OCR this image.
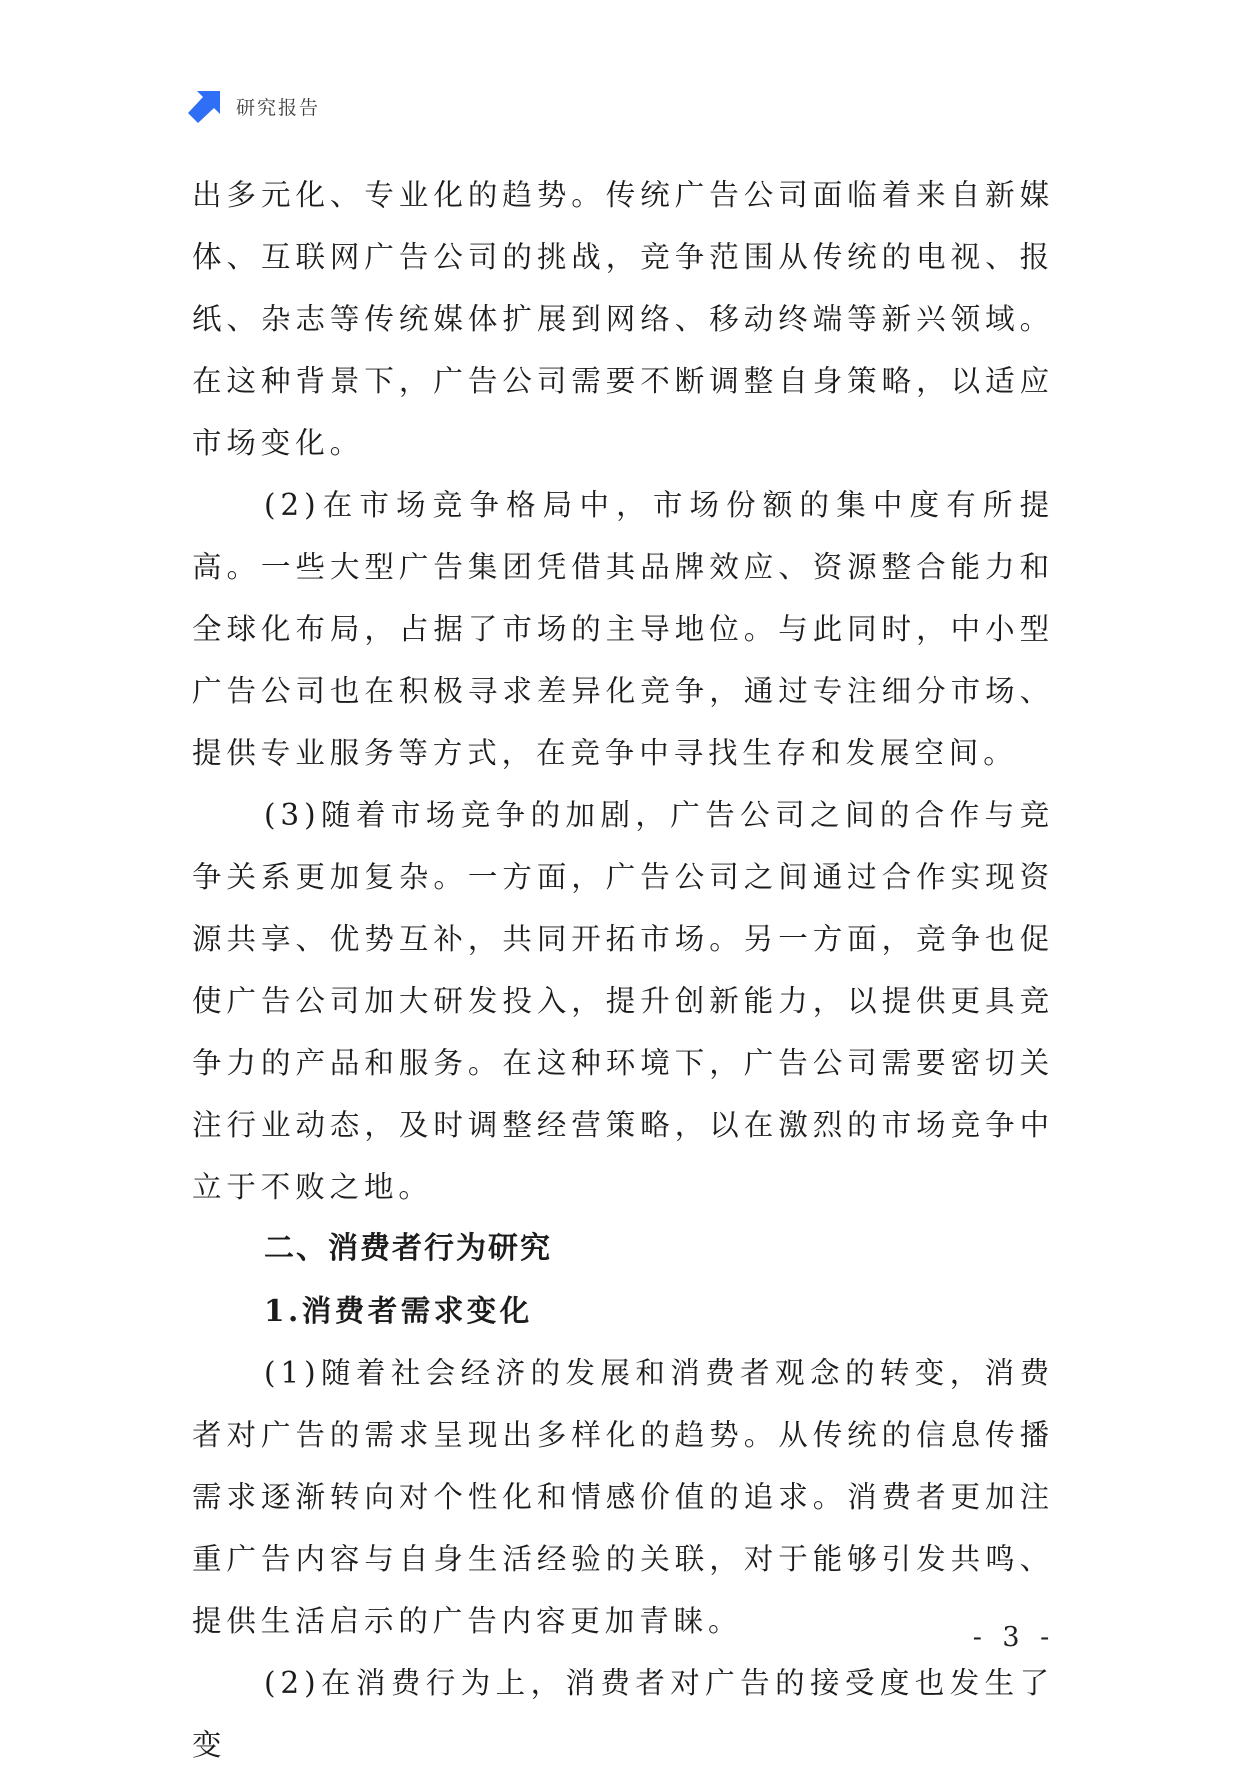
研究报告

出多元化、专业化的趋势。传统广告公司面临着来自新媒体、互联网广告公司的挑战，竞争范围从传统的电视、报纸、杂志等传统媒体扩展到网络、移动终端等新兴领域。在这种背景下，广告公司需要不断调整自身策略，以适应市场变化。

(2)在市场竞争格局中，市场份额的集中度有所提高。一些大型广告集团凭借其品牌效应、资源整合能力和全球化布局，占据了市场的主导地位。与此同时，中小型广告公司也在积极寻求差异化竞争，通过专注细分市场、提供专业服务等方式，在竞争中寻找生存和发展空间。

(3)随着市场竞争的加剧，广告公司之间的合作与竞争关系更加复杂。一方面，广告公司之间通过合作实现资源共享、优势互补，共同开拓市场。另一方面，竞争也促使广告公司加大研发投入，提升创新能力，以提供更具竞争力的产品和服务。在这种环境下，广告公司需要密切关注行业动态，及时调整经营策略，以在激烈的市场竞争中立于不败之地。

二、消费者行为研究
1.消费者需求变化

(1)随着社会经济的发展和消费者观念的转变，消费者对广告的需求呈现出多样化的趋势。从传统的信息传播需求逐渐转向对个性化和情感价值的追求。消费者更加注重广告内容与自身生活经验的关联，对于能够引发共鸣、提供生活启示的广告内容更加青睐。

(2)在消费行为上，消费者对广告的接受度也发生了变

- 3 -
